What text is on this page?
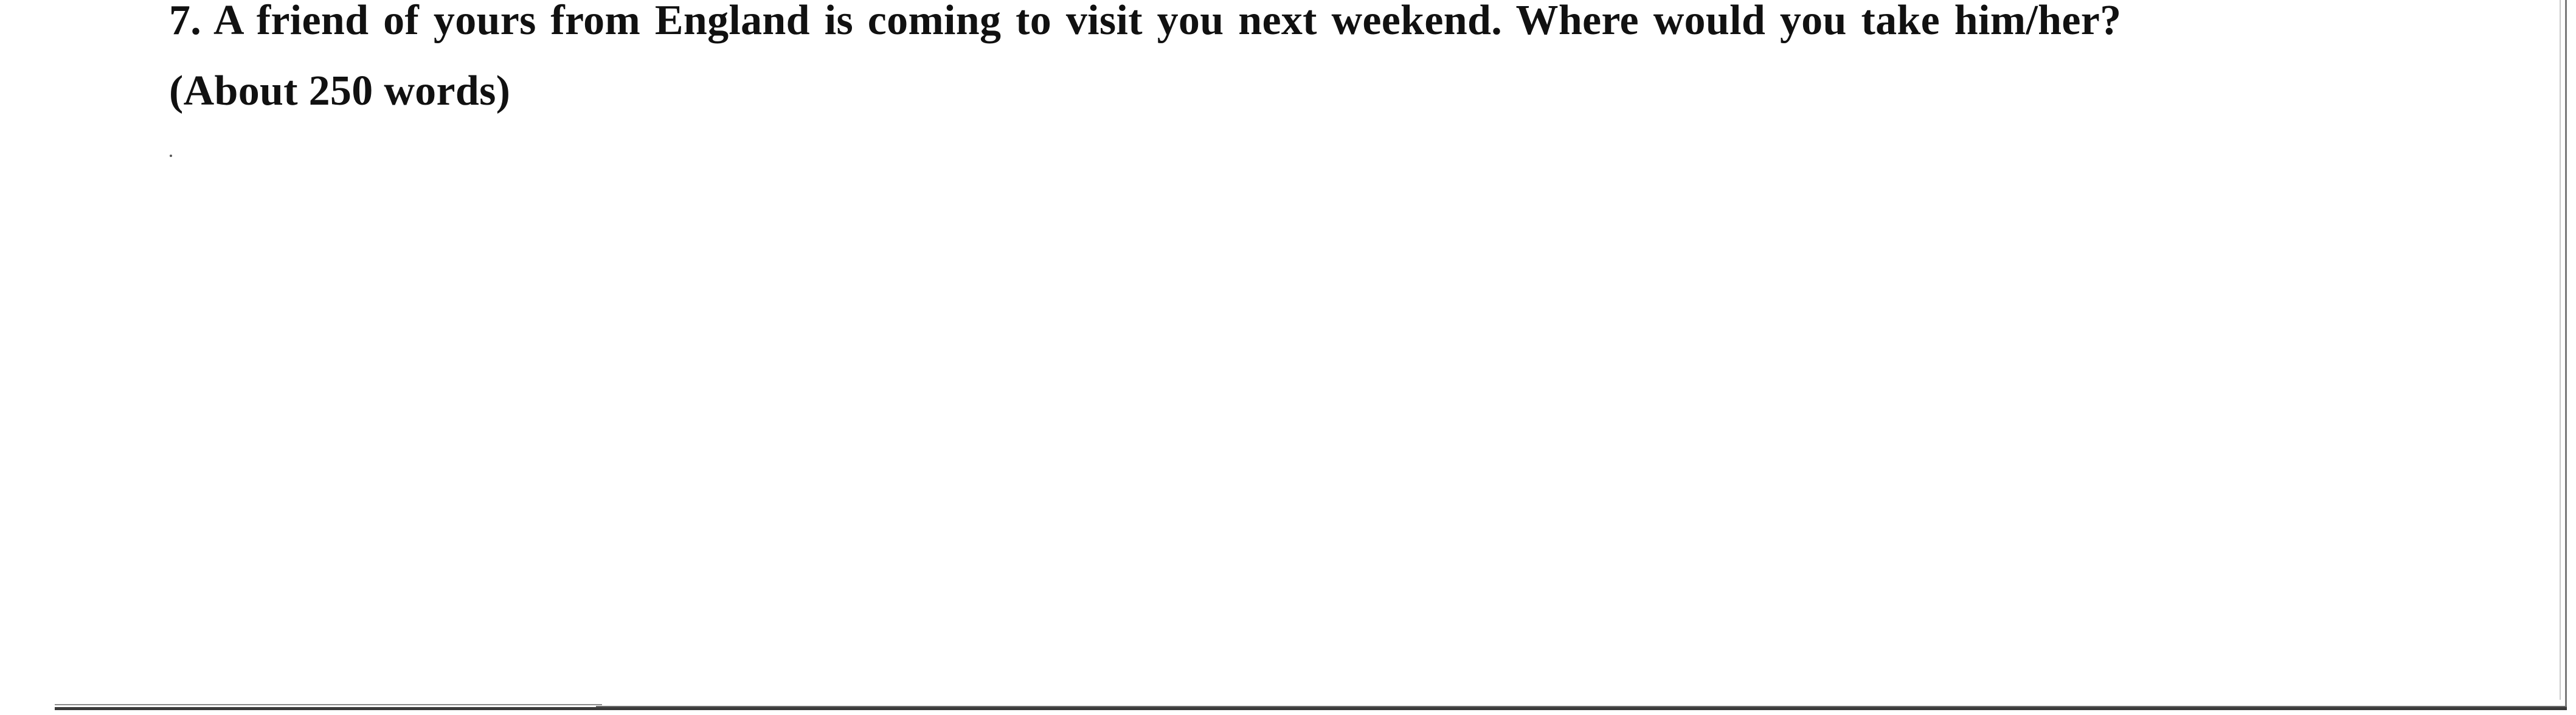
7. A friend of yours from England is coming to visit you next weekend. Where would you take him/her?

(About 250 words)
